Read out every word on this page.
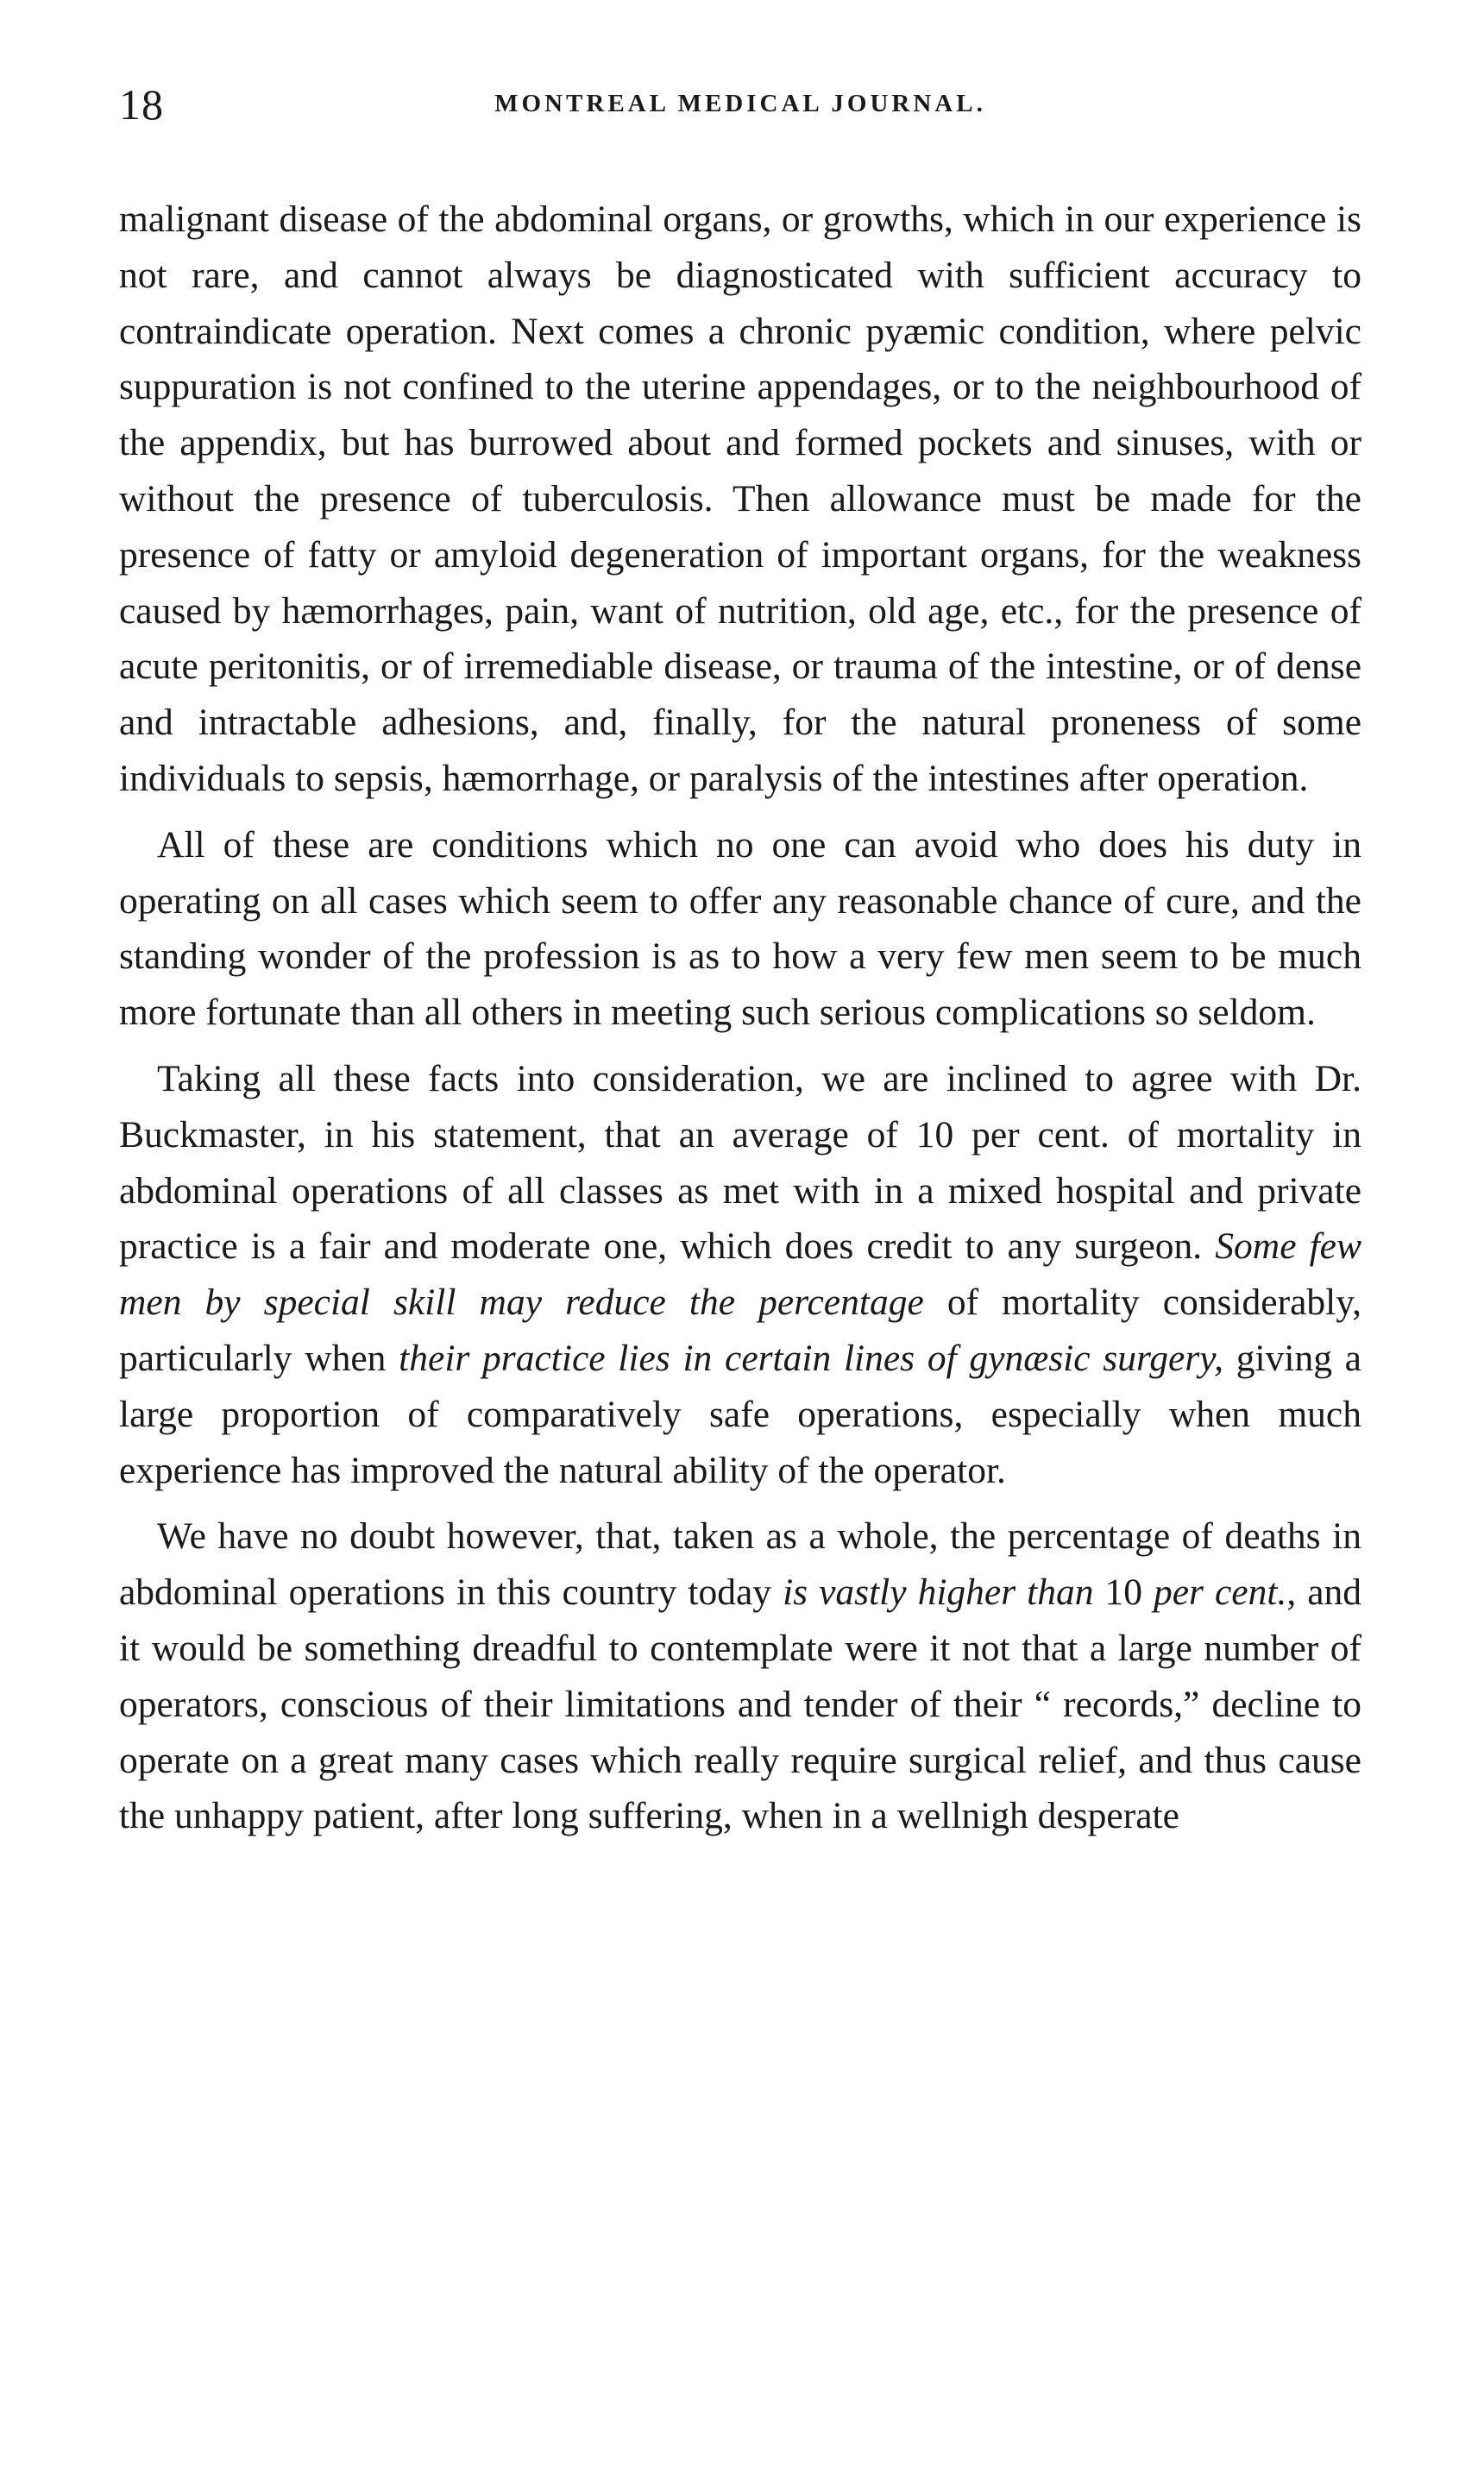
18	MONTREAL MEDICAL JOURNAL.

malignant disease of the abdominal organs, or growths, which in our experience is not rare, and cannot always be diagnosticated with sufficient accuracy to contraindicate operation. Next comes a chronic pyæmic condition, where pelvic suppuration is not confined to the uterine appendages, or to the neighbourhood of the appendix, but has burrowed about and formed pockets and sinuses, with or without the presence of tuberculosis. Then allowance must be made for the presence of fatty or amyloid degeneration of important organs, for the weakness caused by hæmorrhages, pain, want of nutrition, old age, etc., for the presence of acute peritonitis, or of irremediable disease, or trauma of the intestine, or of dense and intractable adhesions, and, finally, for the natural proneness of some individuals to sepsis, hæmorrhage, or paralysis of the intestines after operation.

All of these are conditions which no one can avoid who does his duty in operating on all cases which seem to offer any reasonable chance of cure, and the standing wonder of the profession is as to how a very few men seem to be much more fortunate than all others in meeting such serious complications so seldom.

Taking all these facts into consideration, we are inclined to agree with Dr. Buckmaster, in his statement, that an average of 10 per cent. of mortality in abdominal operations of all classes as met with in a mixed hospital and private practice is a fair and moderate one, which does credit to any surgeon. Some few men by special skill may reduce the percentage of mortality considerably, particularly when their practice lies in certain lines of gynæsic surgery, giving a large proportion of comparatively safe operations, especially when much experience has improved the natural ability of the operator.

We have no doubt however, that, taken as a whole, the percentage of deaths in abdominal operations in this country today is vastly higher than 10 per cent., and it would be something dreadful to contemplate were it not that a large number of operators, conscious of their limitations and tender of their “ records,” decline to operate on a great many cases which really require surgical relief, and thus cause the unhappy patient, after long suffering, when in a wellnigh desperate
